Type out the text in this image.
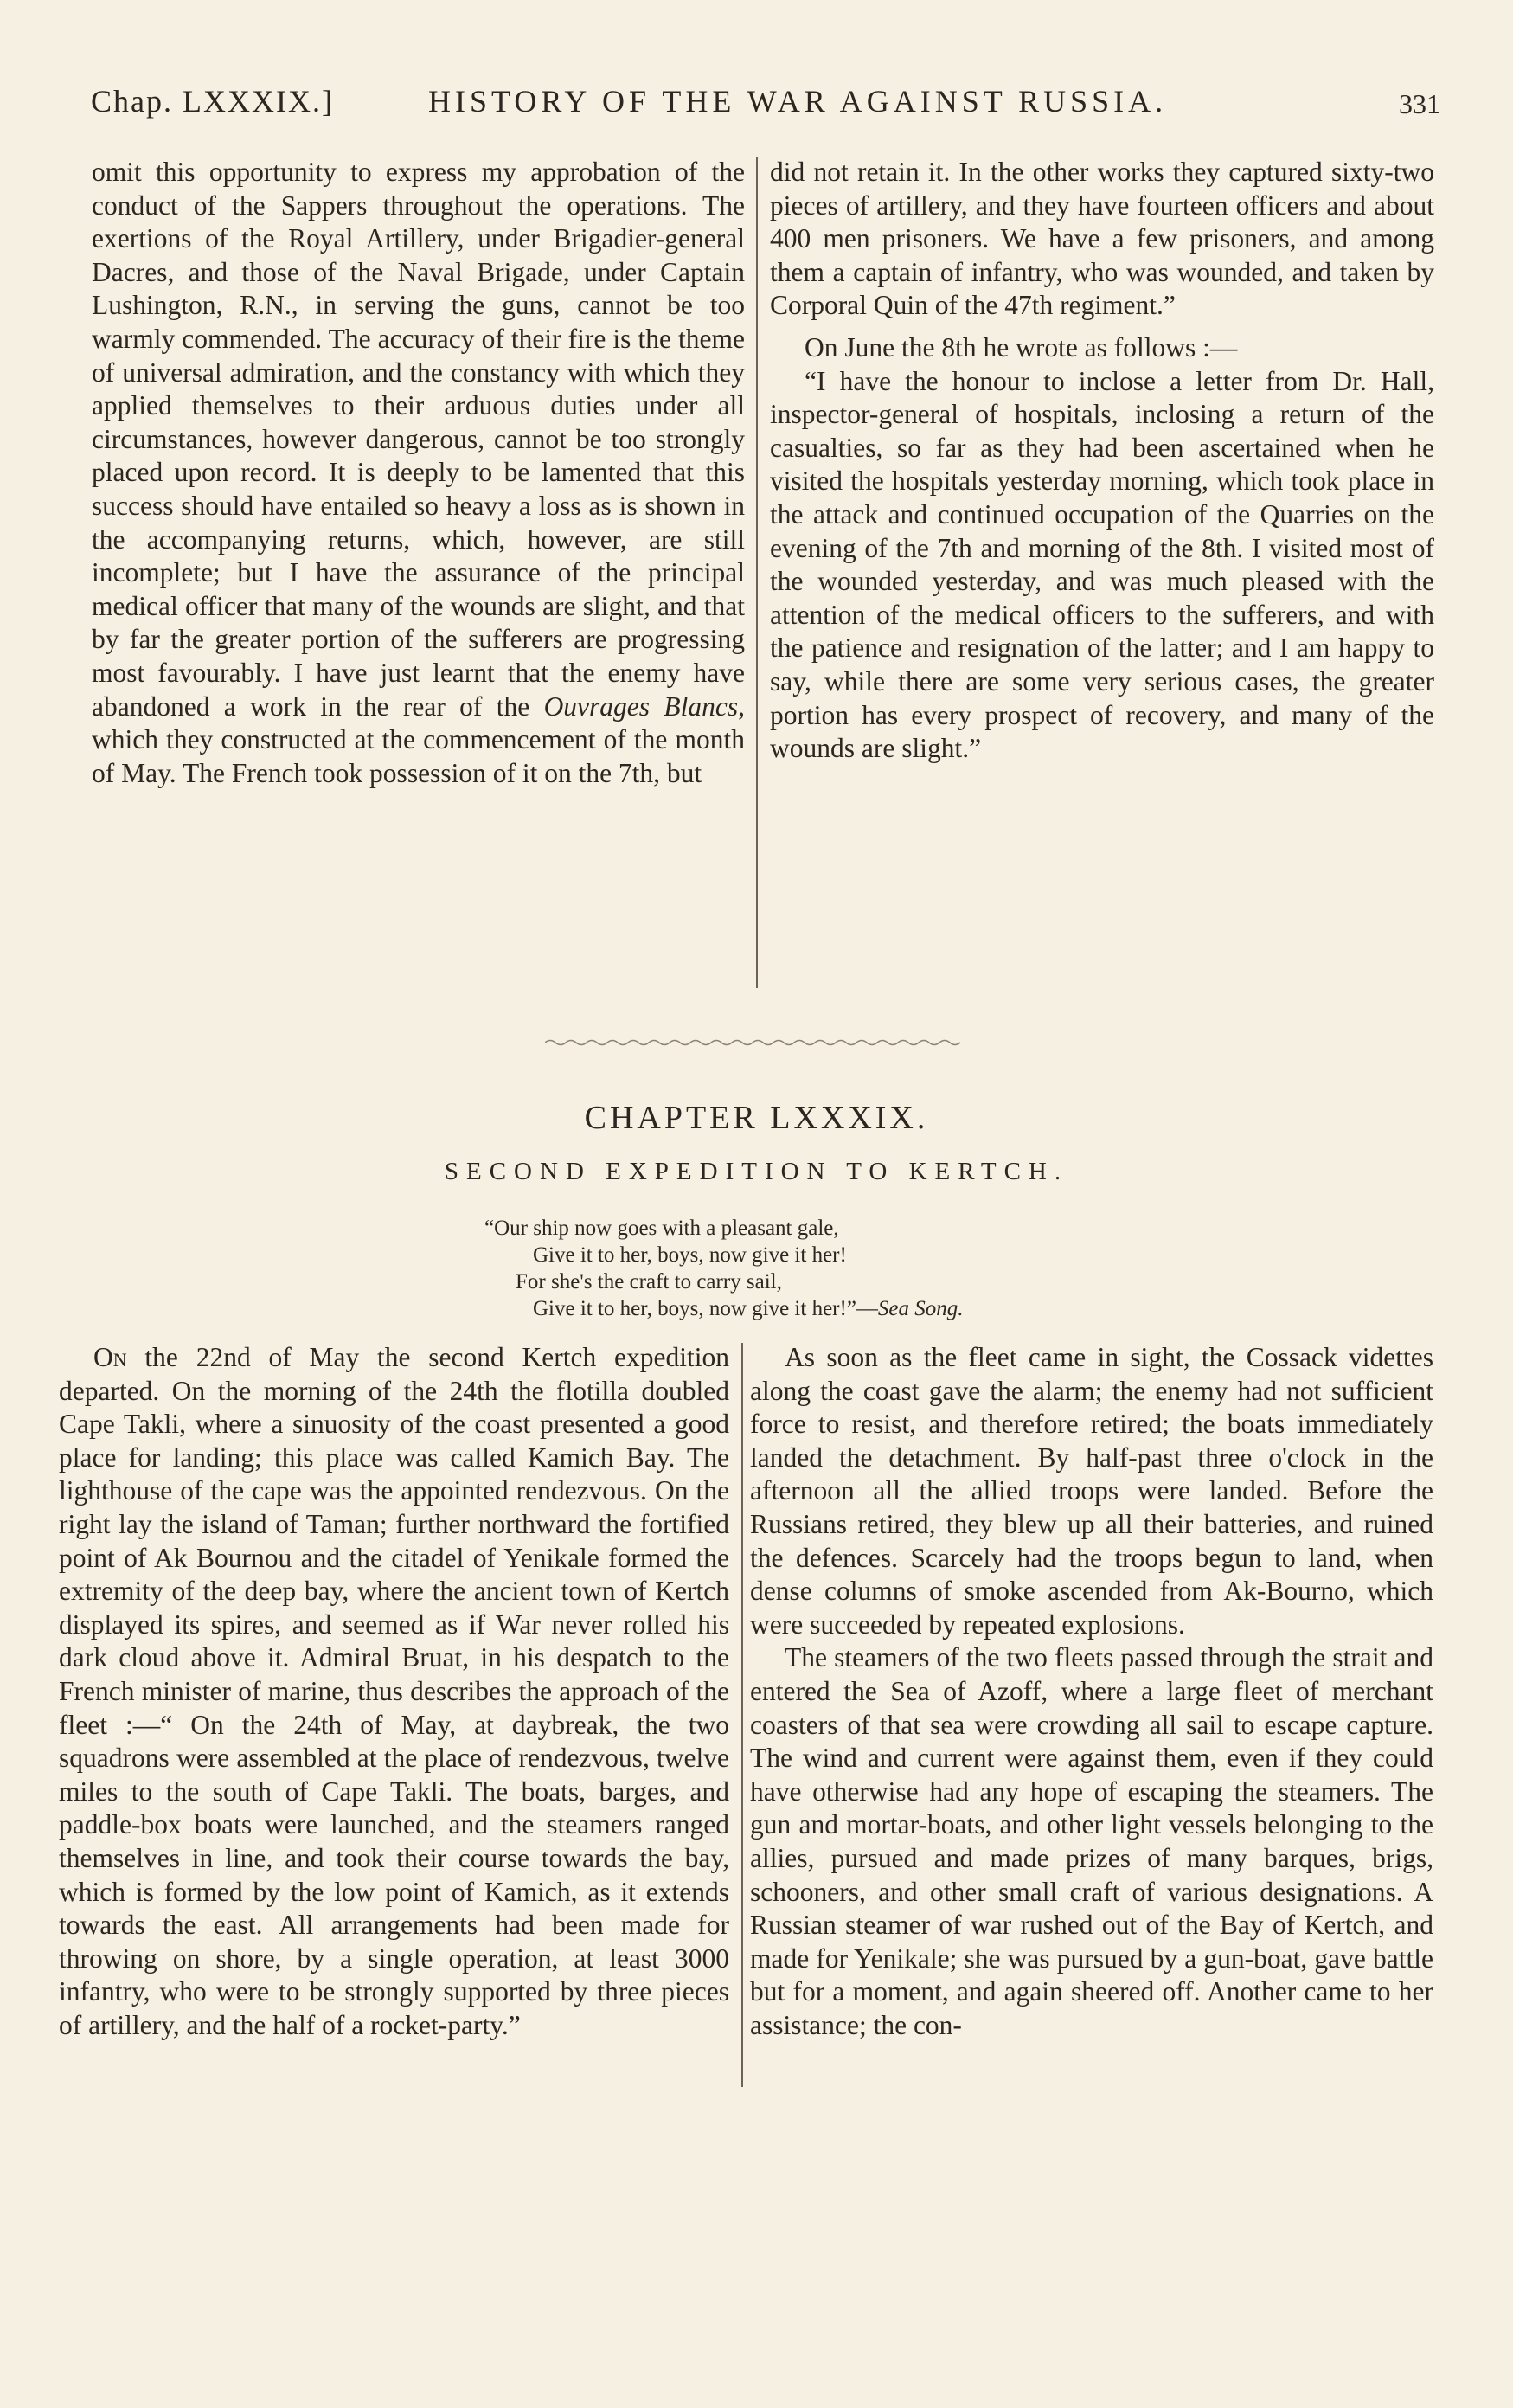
Chap. LXXXIX.]	HISTORY OF THE WAR AGAINST RUSSIA.	331

omit this opportunity to express my approbation of the conduct of the Sappers throughout the operations. The exertions of the Royal Artillery, under Brigadier-general Dacres, and those of the Naval Brigade, under Captain Lushington, R.N., in serving the guns, cannot be too warmly commended. The accuracy of their fire is the theme of universal admiration, and the constancy with which they applied themselves to their arduous duties under all circumstances, however dangerous, cannot be too strongly placed upon record. It is deeply to be lamented that this success should have entailed so heavy a loss as is shown in the accompanying returns, which, however, are still incomplete; but I have the assurance of the principal medical officer that many of the wounds are slight, and that by far the greater portion of the sufferers are progressing most favourably. I have just learnt that the enemy have abandoned a work in the rear of the Ouvrages Blancs, which they constructed at the commencement of the month of May. The French took possession of it on the 7th, but

did not retain it. In the other works they captured sixty-two pieces of artillery, and they have fourteen officers and about 400 men prisoners. We have a few prisoners, and among them a captain of infantry, who was wounded, and taken by Corporal Quin of the 47th regiment.”

On June the 8th he wrote as follows :—

“I have the honour to inclose a letter from Dr. Hall, inspector-general of hospitals, inclosing a return of the casualties, so far as they had been ascertained when he visited the hospitals yesterday morning, which took place in the attack and continued occupation of the Quarries on the evening of the 7th and morning of the 8th. I visited most of the wounded yesterday, and was much pleased with the attention of the medical officers to the sufferers, and with the patience and resignation of the latter; and I am happy to say, while there are some very serious cases, the greater portion has every prospect of recovery, and many of the wounds are slight.”

CHAPTER LXXXIX.
SECOND EXPEDITION TO KERTCH.
“Our ship now goes with a pleasant gale,
Give it to her, boys, now give it her!
For she's the craft to carry sail,
Give it to her, boys, now give it her!”—Sea Song.

On the 22nd of May the second Kertch expedition departed. On the morning of the 24th the flotilla doubled Cape Takli, where a sinuosity of the coast presented a good place for landing; this place was called Kamich Bay. The lighthouse of the cape was the appointed rendezvous. On the right lay the island of Taman; further northward the fortified point of Ak Bournou and the citadel of Yenikale formed the extremity of the deep bay, where the ancient town of Kertch displayed its spires, and seemed as if War never rolled his dark cloud above it. Admiral Bruat, in his despatch to the French minister of marine, thus describes the approach of the fleet :—“ On the 24th of May, at daybreak, the two squadrons were assembled at the place of rendezvous, twelve miles to the south of Cape Takli. The boats, barges, and paddle-box boats were launched, and the steamers ranged themselves in line, and took their course towards the bay, which is formed by the low point of Kamich, as it extends towards the east. All arrangements had been made for throwing on shore, by a single operation, at least 3000 infantry, who were to be strongly supported by three pieces of artillery, and the half of a rocket-party.”

As soon as the fleet came in sight, the Cossack videttes along the coast gave the alarm; the enemy had not sufficient force to resist, and therefore retired; the boats immediately landed the detachment. By half-past three o'clock in the afternoon all the allied troops were landed. Before the Russians retired, they blew up all their batteries, and ruined the defences. Scarcely had the troops begun to land, when dense columns of smoke ascended from Ak-Bourno, which were succeeded by repeated explosions.

The steamers of the two fleets passed through the strait and entered the Sea of Azoff, where a large fleet of merchant coasters of that sea were crowding all sail to escape capture. The wind and current were against them, even if they could have otherwise had any hope of escaping the steamers. The gun and mortar-boats, and other light vessels belonging to the allies, pursued and made prizes of many barques, brigs, schooners, and other small craft of various designations. A Russian steamer of war rushed out of the Bay of Kertch, and made for Yenikale; she was pursued by a gun-boat, gave battle but for a moment, and again sheered off. Another came to her assistance; the con-
